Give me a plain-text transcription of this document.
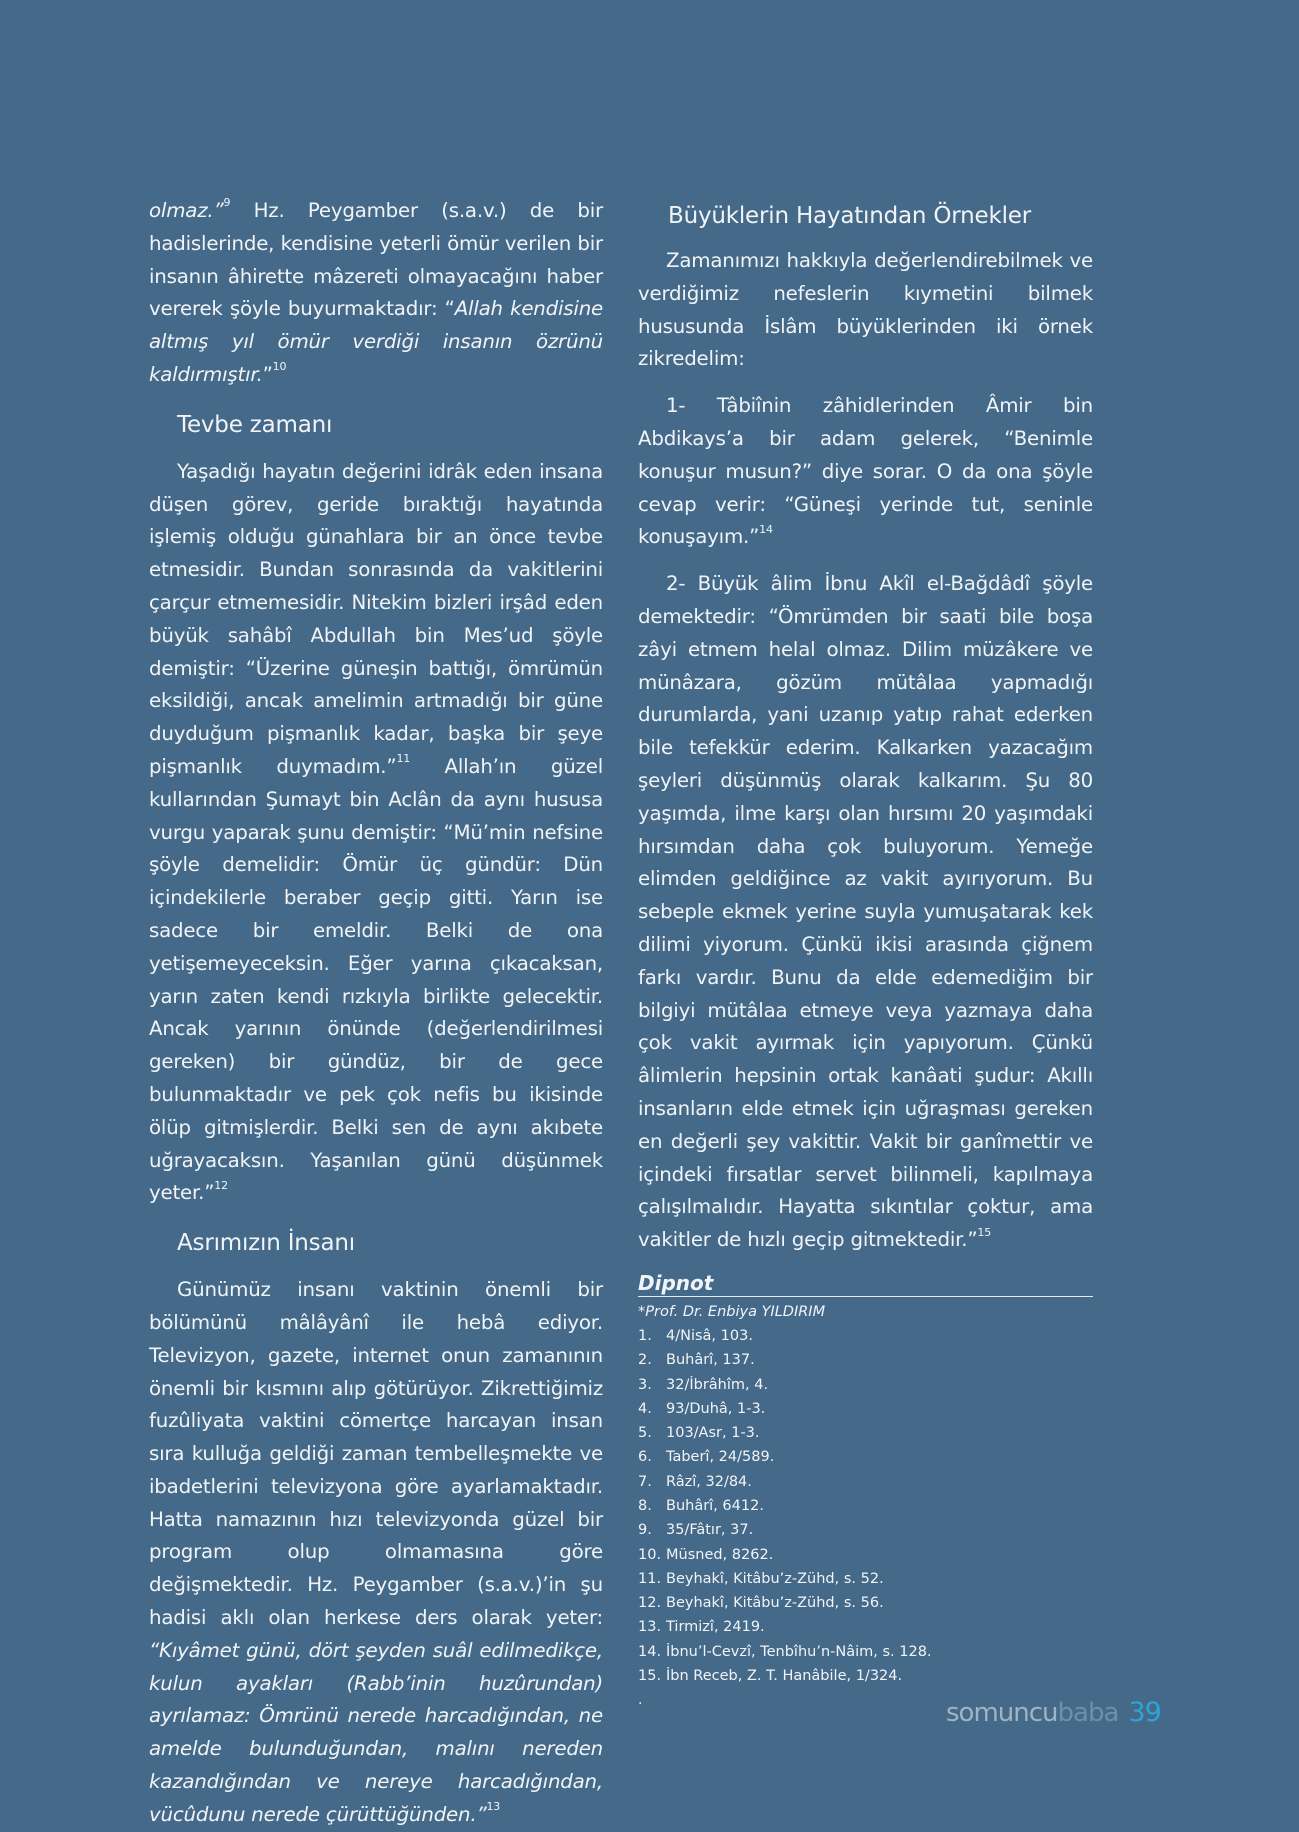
olmaz.”$^9$ Hz. Peygamber (s.a.v.) de bir hadislerinde, kendisine yeterli ömür verilen bir insanın âhirette mâzereti olmayacağını haber vererek şöyle buyurmaktadır: “Allah kendisine altmış yıl ömür verdiği insanın özrünü kaldırmıştır.”$^{10}$

Tevbe zamanı

Yaşadığı hayatın değerini idrâk eden insana düşen görev, geride bıraktığı hayatında işlemiş olduğu günahlara bir an önce tevbe etmesidir. Bundan sonrasında da vakitlerini çarçur etmemesidir. Nitekim bizleri irşâd eden büyük sahâbî Abdullah bin Mes’ud şöyle demiştir: “Üzerine güneşin battığı, ömrümün eksildiği, ancak amelimin artmadığı bir güne duyduğum pişmanlık kadar, başka bir şeye pişmanlık duymadım.”$^{11}$ Allah’ın güzel kullarından Şumayt bin Aclân da aynı hususa vurgu yaparak şunu demiştir: “Mü’min nefsine şöyle demelidir: Ömür üç gündür: Dün içindekilerle beraber geçip gitti. Yarın ise sadece bir emeldir. Belki de ona yetişemeyeceksin. Eğer yarına çıkacaksan, yarın zaten kendi rızkıyla birlikte gelecektir. Ancak yarının önünde (değerlendirilmesi gereken) bir gündüz, bir de gece bulunmaktadır ve pek çok nefis bu ikisinde ölüp gitmişlerdir. Belki sen de aynı akıbete uğrayacaksın. Yaşanılan günü düşünmek yeter.”$^{12}$

Asrımızın İnsanı

Günümüz insanı vaktinin önemli bir bölümünü mâlâyânî ile hebâ ediyor. Televizyon, gazete, internet onun zamanının önemli bir kısmını alıp götürüyor. Zikrettiğimiz fuzûliyata vaktini cömertçe harcayan insan sıra kulluğa geldiği zaman tembelleşmekte ve ibadetlerini televizyona göre ayarlamaktadır. Hatta namazının hızı televizyonda güzel bir program olup olmamasına göre değişmektedir. Hz. Peygamber (s.a.v.)’in şu hadisi aklı olan herkese ders olarak yeter: “Kıyâmet günü, dört şeyden suâl edilmedikçe, kulun ayakları (Rabb’inin huzûrundan) ayrılamaz: Ömrünü nerede harcadığından, ne amelde bulunduğundan, malını nereden kazandığından ve nereye harcadığından, vücûdunu nerede çürüttüğünden.”$^{13}$

Büyüklerin Hayatından Örnekler

Zamanımızı hakkıyla değerlendirebilmek ve verdiğimiz nefeslerin kıymetini bilmek hususunda İslâm büyüklerinden iki örnek zikredelim:

1- Tâbiînin zâhidlerinden Âmir bin Abdikays’a bir adam gelerek, “Benimle konuşur musun?” diye sorar. O da ona şöyle cevap verir: “Güneşi yerinde tut, seninle konuşayım.”$^{14}$

2- Büyük âlim İbnu Akîl el-Bağdâdî şöyle demektedir: “Ömrümden bir saati bile boşa zâyi etmem helal olmaz. Dilim müzâkere ve münâzara, gözüm mütâlaa yapmadığı durumlarda, yani uzanıp yatıp rahat ederken bile tefekkür ederim. Kalkarken yazacağım şeyleri düşünmüş olarak kalkarım. Şu 80 yaşımda, ilme karşı olan hırsımı 20 yaşımdaki hırsımdan daha çok buluyorum. Yemeğe elimden geldiğince az vakit ayırıyorum. Bu sebeple ekmek yerine suyla yumuşatarak kek dilimi yiyorum. Çünkü ikisi arasında çiğnem farkı vardır. Bunu da elde edemediğim bir bilgiyi mütâlaa etmeye veya yazmaya daha çok vakit ayırmak için yapıyorum. Çünkü âlimlerin hepsinin ortak kanâati şudur: Akıllı insanların elde etmek için uğraşması gereken en değerli şey vakittir. Vakit bir ganîmettir ve içindeki fırsatlar servet bilinmeli, kapılmaya çalışılmalıdır. Hayatta sıkıntılar çoktur, ama vakitler de hızlı geçip gitmektedir.”$^{15}$

Dipnot
*Prof. Dr. Enbiya YILDIRIM
1. 4/Nisâ, 103.
2. Buhârî, 137.
3. 32/İbrâhîm, 4.
4. 93/Duhâ, 1-3.
5. 103/Asr, 1-3.
6. Taberî, 24/589.
7. Râzî, 32/84.
8. Buhârî, 6412.
9. 35/Fâtır, 37.
10. Müsned, 8262.
11. Beyhakî, Kitâbu’z-Zühd, s. 52.
12. Beyhakî, Kitâbu’z-Zühd, s. 56.
13. Tirmizî, 2419.
14. İbnu’l-Cevzî, Tenbîhu’n-Nâim, s. 128.
15. İbn Receb, Z. T. Hanâbile, 1/324.
.	somuncubaba 39
